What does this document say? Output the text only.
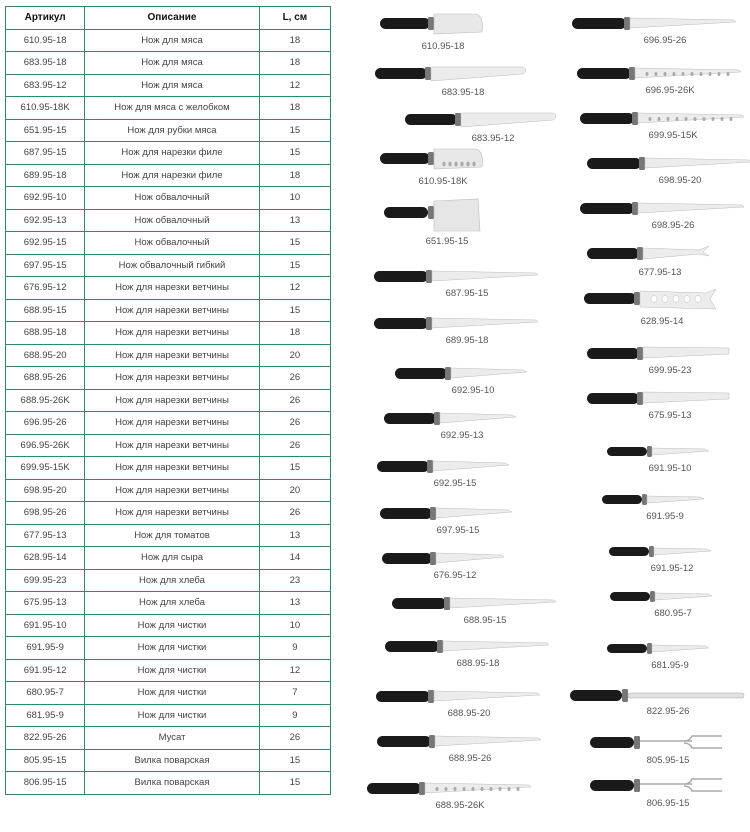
Артикул	Описание	L, см
610.95-18	Нож для мяса	18
683.95-18	Нож для мяса	18
683.95-12	Нож для мяса	12
610.95-18K	Нож для мяса с желобком	18
651.95-15	Нож для рубки мяса	15
687.95-15	Нож для нарезки филе	15
689.95-18	Нож для нарезки филе	18
692.95-10	Нож обвалочный	10
692.95-13	Нож обвалочный	13
692.95-15	Нож обвалочный	15
697.95-15	Нож обвалочный гибкий	15
676.95-12	Нож для нарезки ветчины	12
688.95-15	Нож для нарезки ветчины	15
688.95-18	Нож для нарезки ветчины	18
688.95-20	Нож для нарезки ветчины	20
688.95-26	Нож для нарезки ветчины	26
688.95-26K	Нож для нарезки ветчины	26
696.95-26	Нож для нарезки ветчины	26
696.95-26K	Нож для нарезки ветчины	26
699.95-15K	Нож для нарезки ветчины	15
698.95-20	Нож для нарезки ветчины	20
698.95-26	Нож для нарезки ветчины	26
677.95-13	Нож для томатов	13
628.95-14	Нож для сыра	14
699.95-23	Нож для хлеба	23
675.95-13	Нож для хлеба	13
691.95-10	Нож для чистки	10
691.95-9	Нож для чистки	9
691.95-12	Нож для чистки	12
680.95-7	Нож для чистки	7
681.95-9	Нож для чистки	9
822.95-26	Мусат	26
805.95-15	Вилка поварская	15
806.95-15	Вилка поварская	15
610.95-18
683.95-18
683.95-12
610.95-18K
651.95-15
687.95-15
689.95-18
692.95-10
692.95-13
692.95-15
697.95-15
676.95-12
688.95-15
688.95-18
688.95-20
688.95-26
688.95-26K
696.95-26
696.95-26K
699.95-15K
698.95-20
698.95-26
677.95-13
628.95-14
699.95-23
675.95-13
691.95-10
691.95-9
691.95-12
680.95-7
681.95-9
822.95-26
805.95-15
806.95-15
